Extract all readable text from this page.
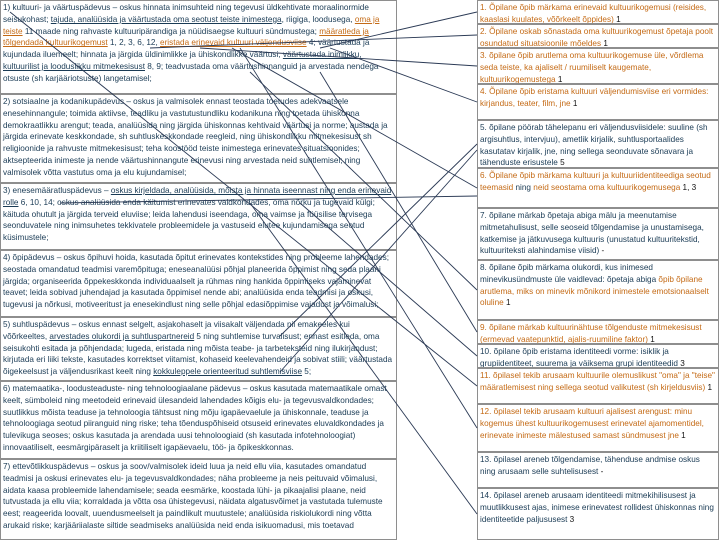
1) kultuuri- ja väärtuspädevus – oskus hinnata inimsuhteid ning tegevusi üldkehtivate moraalinormide seisukohast; tajuda, analüüsida ja väärtustada oma seotust teiste inimestega, riigiga, loodusega, oma ja teiste 11 maade ning rahvaste kultuuripärandiga ja nüüdisaegse kultuuri sündmustega; määratleda ja tõlgendada kultuurikogemust 1, 2, 3, 6, 12, eristada erinevaid kultuuri väljendusviise 4; väärtustada ja kujundada iluemeelt; hinnata ja järgida üldinimlikke ja ühiskondlikke väärtusi, väärtustada inimlikku, kultuurilist ja looduslikku mitmekesisust 8, 9; teadvustada oma väärtushinnanguid ja arvestada nendega otsuste (sh karjääriotsuste) langetamisel;
2) sotsiaalne ja kodanikupädevus – oskus ja valmisolek ennast teostada toetudes adekvaatsele enesehinnangule; toimida aktiivse, teadliku ja vastutustundliku kodanikuna ning toetada ühiskonna demokraatlikku arengut; teada, analüüsida ning järgida ühiskonnas kehtivaid väärtusi ja norme; austada ja järgida erinevate keskkondade, sh suhtluskeskkondade reegleid, ning ühiskondlikku mitmekesisust sh religioonide ja rahvuste mitmekesisust; teha koostööd teiste inimestega erinevates situatsioonides; aktsepteerida inimeste ja nende väärtushinnangute erinevusi ning arvestada neid suhtlemisel; ning valmisolek võtta vastutus oma ja elu kujundamisel;
3) enesemääratluspädevus – oskus kirjeldada, analüüsida, mõista ja hinnata iseennast ning enda erinevaid rolle 6, 10, 14; oskus analüüsida enda käitumist erinevates valdkondades, oma nõrku ja tugevaid külgi; käituda ohutult ja järgida terveid eluviise; leida lahendusi iseendaga, oma vaimse ja füüsilise tervisega seonduvatele ning inimsuhetes tekkivatele probleemidele ja vastuseid elutee kujundamisega seotud küsimustele;
4) õpipädevus – oskus õpihuvi hoida, kasutada õpitut erinevates kontekstides ning probleeme lahendades; seostada omandatud teadmisi varemõpituga; eneseanalüüsi põhjal planeerida õppimist ning seda plaani järgida; organiseerida õppekeskkonda individuaalselt ja rühmas ning hankida õppimiseks vajaminevat teavet; leida sobivad juhendajad ja kasutada õppimisel nende abi; analüüsida enda teadmisi ja oskusi, tugevusi ja nõrkusi, motiveeritust ja enesekindlust ning selle põhjal edasiõppimise vajadust ja võimalusi;
5) suhtluspädevus – oskus ennast selgelt, asjakohaselt ja viisakalt väljendada nii emakeeles kui võõrkeeltes, arvestades olukordi ja suhtluspartnereid 5 ning suhtlemise turvalisust; ennast esitleda, oma seisukohti esitada ja põhjendada; lugeda, eristada ning mõista teabe- ja tarbeteksteid ning ilukirjandust; kirjutada eri liiki tekste, kasutades korrektset viitamist, kohaseid keelevahendeid ja sobivat stiili; väärtustada õigekeelsust ja väljendusrikast keelt ning kokkuleppele orienteeritud suhtlemisviise 5;
6) matemaatika-, loodusteaduste- ning tehnoloogiaalane pädevus – oskus kasutada matemaatikale omast keelt, sümboleid ning meetodeid erinevaid ülesandeid lahendades kõigis elu- ja tegevusvaldkondades; suutlikkus mõista teaduse ja tehnoloogia tähtsust ning mõju igapäevaelule ja ühiskonnale, teaduse ja tehnoloogiaga seotud piiranguid ning riske; teha tõenduspõhiseid otsuseid erinevates eluvaldkondades ja tulevikuga seoses; oskus kasutada ja arendada uusi tehnoloogiaid (sh kasutada infotehnoloogiat) innovaatiliselt, eesmärgipäraselt ja kriitiliselt igapäevaelu, töö- ja õpikeskkonnas.
7) ettevõtlikkuspädevus – oskus ja soov/valmisolek ideid luua ja neid ellu viia, kasutades omandatud teadmisi ja oskusi erinevates elu- ja tegevusvaldkondades; näha probleeme ja neis peituvaid võimalusi, aidata kaasa probleemide lahendamisele; seada eesmärke, koostada lühi- ja pikaajalisi plaane, neid tutvustada ja ellu viia; korraldada ja võtta osa ühistegevusi, näidata algatusvõimet ja vastutada tulemuste eest; reageerida loovalt, uuendusmeelselt ja paindlikult muutustele; analüüsida riskiolukordi ning võtta arukaid riske; karjääriialaste siltide seadmiseks analüüsida neid enda isikuomadusi, mis toetavad
1. Õpilane õpib märkama erinevaid kultuurikogemusi (reisides, kaaslasi kuulates, võõrkeelt õppides) 1
2. Õpilane oskab sõnastada oma kultuurikogemust õpetaja poolt osundatud situatsioonile mõeldes 1
3. õpilane õpib arutlema oma kultuurikogemuse üle, võrdlema seda teiste, ka ajaliselt / ruumiliselt kaugemate, kultuurikogemustega 1
4. Õpilane õpib eristama kultuuri väljendumisviise eri vormides: kirjandus, teater, film, jne 1
5. õpilane pöörab tähelepanu eri väljendusviisidele: suuline (sh argisuhtlus, intervjuu), ametlik kirjalik, suhtlusportaalides kasutatav kirjalik, jne, ning sellega seonduvate sõnavara ja tähenduste erisustele 5
6. Õpilane õpib märkama kultuuri ja kultuuriidentiteediga seotud teemasid ning neid seostama oma kultuurikogemusega 1, 3
7. õpilane märkab õpetaja abiga mälu ja meenutamise mitmetahulisust, selle seoseid tõlgendamise ja unustamisega, katkemise ja jätkuvusega kultuuris (unustatud kultuuritekstid, kultuuriteksti alahindamise viisid) -
8. õpilane õpib märkama olukordi, kus inimesed minevikusündmuste üle vaidlevad: õpetaja abiga õpib õpilane arutlema, miks on minevik mõnikord inimestele emotsionaalselt oluline 1
9. õpilane märkab kultuurinähtuse tõlgendustе mitmekesisust (ermevad vaatepunktid, ajalis-ruumiline faktor) 1
10. õpilane õpib eristama identiteedi vorme: isiklik ja grupiidentiteet, suurema ja väiksema grupi identiteedid 3
11. õpilasel tekib arusaam kultuurile olemuslikust "oma" ja "teise" määratlemisest ning sellega seotud valikutest (sh kirjeldusviis) 1
12. õpilasel tekib arusaam kultuuri ajalisest arengust: minu kogemus ühest kultuurikogemusest erinevatel ajamomentidel, erinevate inimeste mälestused samast sündmusest jne 1
13. õpilasel areneb tõlgendamise, tähenduse andmise oskus ning arusaam selle suhtelisusest -
14. õpilasel areneb arusaam identiteedi mitmekihilisusest ja muutlikkusest ajas, inimese erinevatest rollidest ühiskonnas ning identiteetide paljususest 3
